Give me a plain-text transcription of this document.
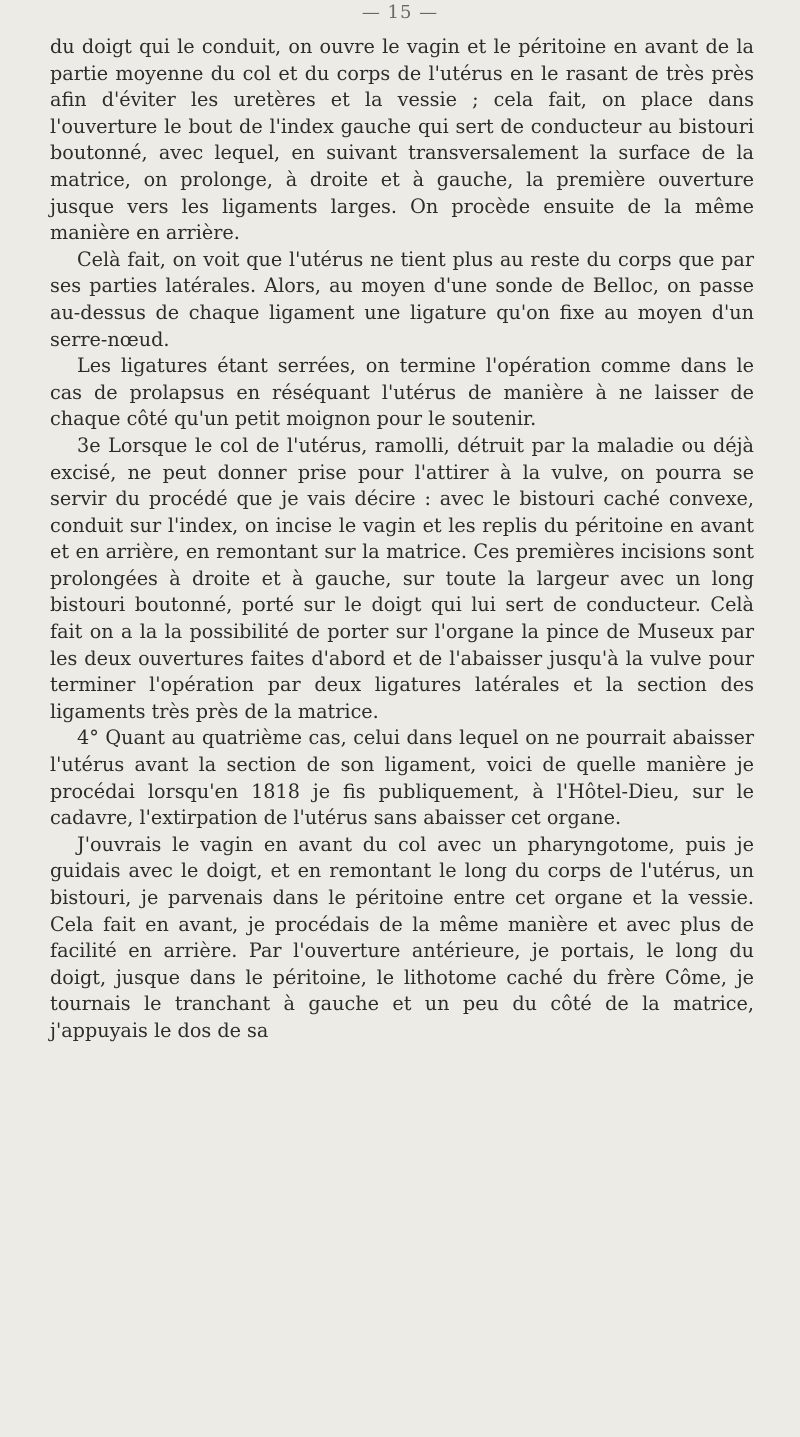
— 15 —

du doigt qui le conduit, on ouvre le vagin et le péritoine en avant de la partie moyenne du col et du corps de l'utérus en le rasant de très près afin d'éviter les uretères et la vessie ; cela fait, on place dans l'ouverture le bout de l'index gauche qui sert de conducteur au bistouri boutonné, avec lequel, en suivant transversalement la surface de la matrice, on prolonge, à droite et à gauche, la première ouverture jusque vers les ligaments larges. On procède ensuite de la même manière en arrière.

Celà fait, on voit que l'utérus ne tient plus au reste du corps que par ses parties latérales. Alors, au moyen d'une sonde de Belloc, on passe au-dessus de chaque ligament une ligature qu'on fixe au moyen d'un serre-nœud.

Les ligatures étant serrées, on termine l'opération comme dans le cas de prolapsus en réséquant l'utérus de manière à ne laisser de chaque côté qu'un petit moignon pour le soutenir.

3e Lorsque le col de l'utérus, ramolli, détruit par la maladie ou déjà excisé, ne peut donner prise pour l'attirer à la vulve, on pourra se servir du procédé que je vais décire : avec le bistouri caché convexe, conduit sur l'index, on incise le vagin et les replis du péritoine en avant et en arrière, en remontant sur la matrice. Ces premières incisions sont prolongées à droite et à gauche, sur toute la largeur avec un long bistouri boutonné, porté sur le doigt qui lui sert de conducteur. Celà fait on a la la possibilité de porter sur l'organe la pince de Museux par les deux ouvertures faites d'abord et de l'abaisser jusqu'à la vulve pour terminer l'opération par deux ligatures latérales et la section des ligaments très près de la matrice.

4° Quant au quatrième cas, celui dans lequel on ne pourrait abaisser l'utérus avant la section de son ligament, voici de quelle manière je procédai lorsqu'en 1818 je fis publiquement, à l'Hôtel-Dieu, sur le cadavre, l'extirpation de l'utérus sans abaisser cet organe.

J'ouvrais le vagin en avant du col avec un pharyngotome, puis je guidais avec le doigt, et en remontant le long du corps de l'utérus, un bistouri, je parvenais dans le péritoine entre cet organe et la vessie. Cela fait en avant, je procédais de la même manière et avec plus de facilité en arrière. Par l'ouverture antérieure, je portais, le long du doigt, jusque dans le péritoine, le lithotome caché du frère Côme, je tournais le tranchant à gauche et un peu du côté de la matrice, j'appuyais le dos de sa
